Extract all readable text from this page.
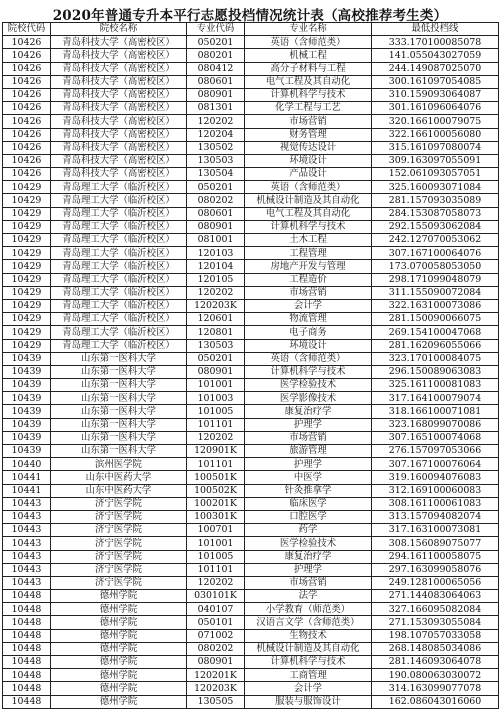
2020年普通专升本平行志愿投档情况统计表（高校推荐考生类）
院校代码	院校名称	专业代码	专业名称	最低投档线
10426	青岛科技大学（高密校区）	050201	英语（含师范类）	333.170100085078
10426	青岛科技大学（高密校区）	080201	机械工程	141.055043027059
10426	青岛科技大学（高密校区）	080412	高分子材料与工程	244.149087025070
10426	青岛科技大学（高密校区）	080601	电气工程及其自动化	300.161097054085
10426	青岛科技大学（高密校区）	080901	计算机科学与技术	310.159093064087
10426	青岛科技大学（高密校区）	081301	化学工程与工艺	301.161096064076
10426	青岛科技大学（高密校区）	120202	市场营销	320.166100079075
10426	青岛科技大学（高密校区）	120204	财务管理	322.166100056080
10426	青岛科技大学（高密校区）	130502	视觉传达设计	315.161097080074
10426	青岛科技大学（高密校区）	130503	环境设计	309.163097055091
10426	青岛科技大学（高密校区）	130504	产品设计	152.061093057051
10429	青岛理工大学（临沂校区）	050201	英语（含师范类）	325.160093071084
10429	青岛理工大学（临沂校区）	080202	机械设计制造及其自动化	281.157093035089
10429	青岛理工大学（临沂校区）	080601	电气工程及其自动化	284.153087058073
10429	青岛理工大学（临沂校区）	080901	计算机科学与技术	292.155093062084
10429	青岛理工大学（临沂校区）	081001	土木工程	242.127070053062
10429	青岛理工大学（临沂校区）	120103	工程管理	307.167100064076
10429	青岛理工大学（临沂校区）	120104	房地产开发与管理	173.070058053050
10429	青岛理工大学（临沂校区）	120105	工程造价	298.171099048079
10429	青岛理工大学（临沂校区）	120202	市场营销	311.155090072084
10429	青岛理工大学（临沂校区）	120203K	会计学	322.163100073086
10429	青岛理工大学（临沂校区）	120601	物流管理	281.150090066075
10429	青岛理工大学（临沂校区）	120801	电子商务	269.154100047068
10429	青岛理工大学（临沂校区）	130503	环境设计	281.162096055066
10439	山东第一医科大学	050201	英语（含师范类）	323.170100084075
10439	山东第一医科大学	080901	计算机科学与技术	296.150089063083
10439	山东第一医科大学	101001	医学检验技术	325.161100081083
10439	山东第一医科大学	101003	医学影像技术	317.164100079074
10439	山东第一医科大学	101005	康复治疗学	318.166100071081
10439	山东第一医科大学	101101	护理学	323.168099070086
10439	山东第一医科大学	120202	市场营销	307.165100074068
10439	山东第一医科大学	120901K	旅游管理	276.157097053066
10440	滨州医学院	101101	护理学	307.167100076064
10441	山东中医药大学	100501K	中医学	319.160094076083
10441	山东中医药大学	100502K	针灸推拿学	312.169100060083
10443	济宁医学院	100201K	临床医学	308.161100061083
10443	济宁医学院	100301K	口腔医学	313.157094082074
10443	济宁医学院	100701	药学	317.163100073081
10443	济宁医学院	101001	医学检验技术	308.156089075077
10443	济宁医学院	101005	康复治疗学	294.161100058075
10443	济宁医学院	101101	护理学	297.163099058076
10443	济宁医学院	120202	市场营销	249.128100065056
10448	德州学院	030101K	法学	271.144083064063
10448	德州学院	040107	小学教育（师范类）	327.166095082084
10448	德州学院	050101	汉语言文学（含师范类）	271.153093055084
10448	德州学院	071002	生物技术	198.107057033058
10448	德州学院	080202	机械设计制造及其自动化	268.148085034086
10448	德州学院	080901	计算机科学与技术	281.146093064078
10448	德州学院	120201K	工商管理	190.080063030072
10448	德州学院	120203K	会计学	314.163099077078
10448	德州学院	130505	服装与服饰设计	162.086043016060
